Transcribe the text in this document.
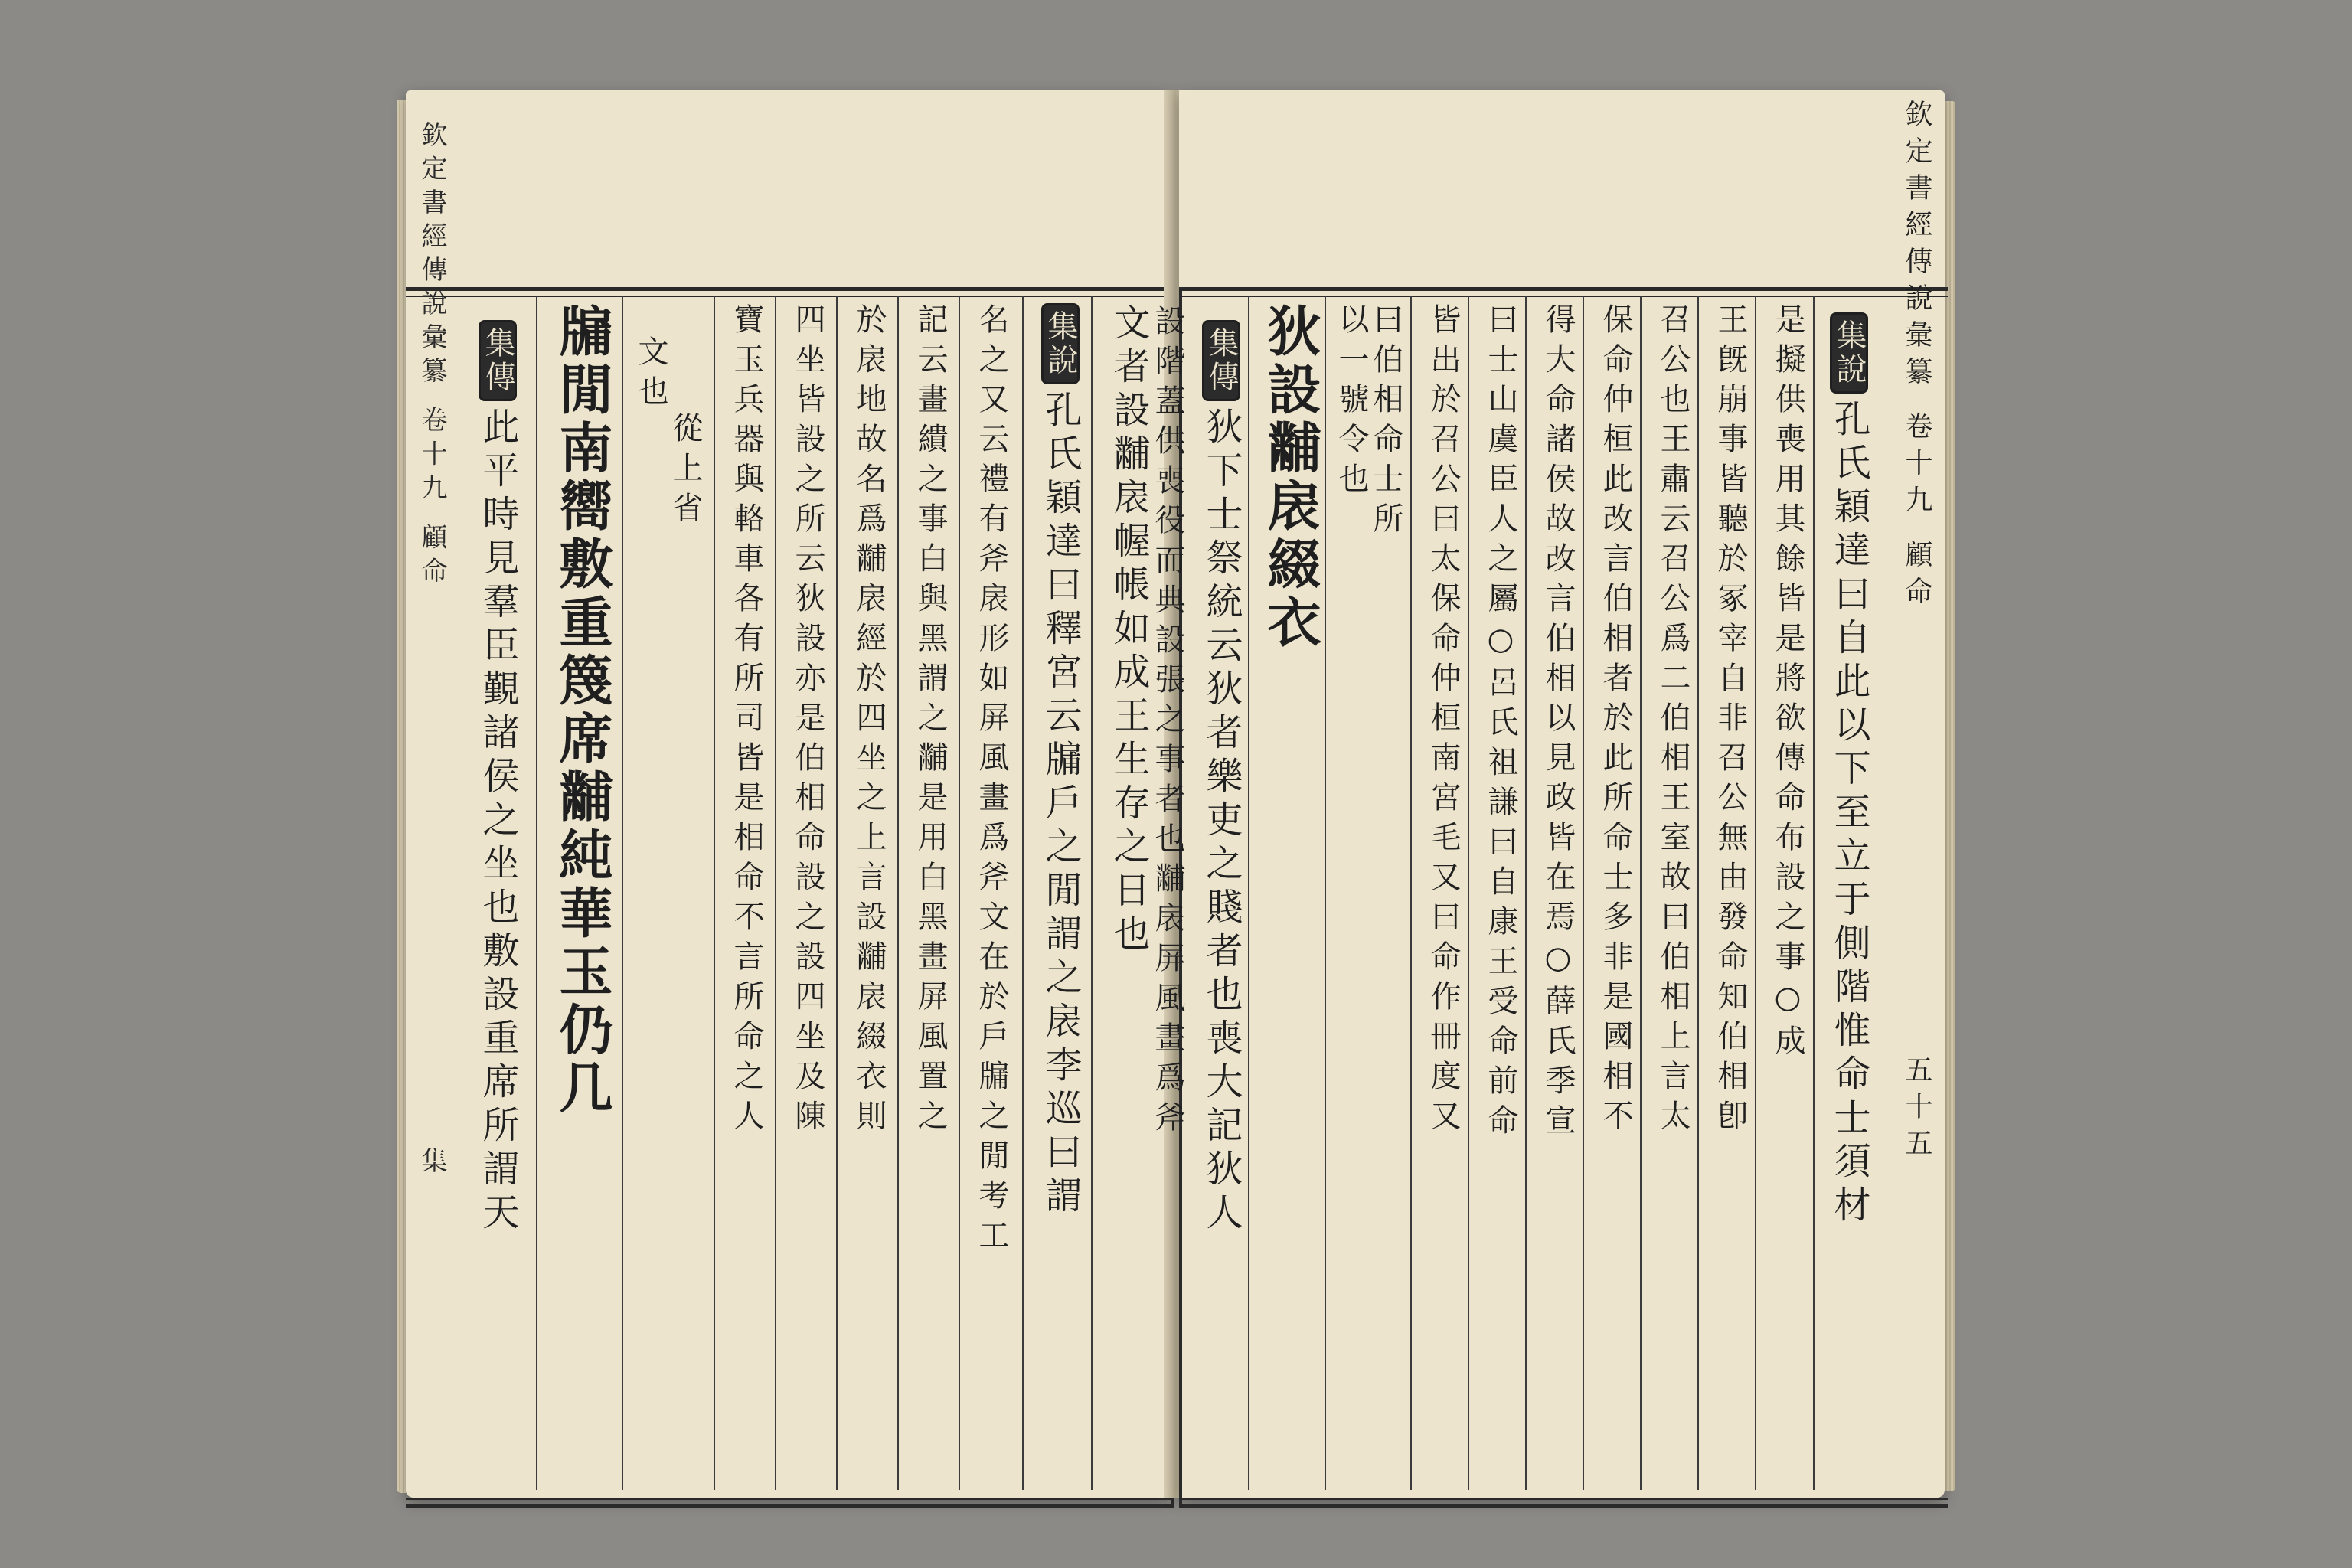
欽定書經傳說彙纂 卷十九 顧命
集

文者設黼扆幄帳如成王生存之日也
集說孔氏穎達曰釋宮云牖戶之閒謂之扆李巡曰謂
名之又云禮有斧扆形如屏風畫爲斧文在於戶牖之閒考工
記云畫繢之事白與黑謂之黼是用白黑畫屏風置之
於扆地故名爲黼扆經於四坐之上言設黼扆綴衣則
四坐皆設之所云狄設亦是伯相命設之設四坐及陳
寶玉兵器與輅車各有所司皆是相命不言所命之人
從上省
文也
牖閒南嚮敷重篾席黼純華玉仍几
集傳此平時見羣臣覲諸侯之坐也敷設重席所謂天
欽定書經傳說彙纂 卷十九 顧命
五十五
集說孔氏穎達曰自此以下至立于側階惟命士須材
是擬供喪用其餘皆是將欲傳命布設之事○成
王旣崩事皆聽於冢宰自非召公無由發命知伯相卽
召公也王肅云召公爲二伯相王室故曰伯相上言太
保命仲桓此改言伯相者於此所命士多非是國相不
得大命諸侯故改言伯相以見政皆在焉○薛氏季宣
曰士山虞臣人之屬○呂氏祖謙曰自康王受命前命
皆出於召公曰太保命仲桓南宮毛又曰命作冊度又
曰伯相命士所
以一號令也
狄設黼扆綴衣
集傳狄下士祭統云狄者樂吏之賤者也喪大記狄人
設階蓋供喪役而典設張之事者也黼扆屏風畫爲斧
